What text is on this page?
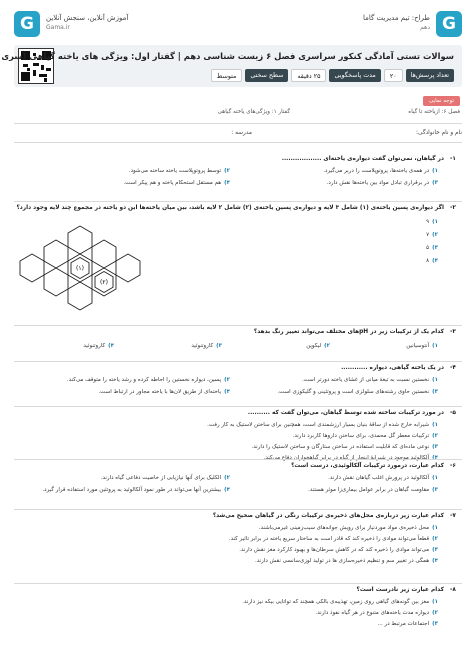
G
طراح: تیم مدیریت گاما
دهم
G	آموزش آنلاین، سنجش آنلاین
Gama.ir
سوالات تستی آمادگی کنکور سراسری فصل ۶ زیست شناسی دهم | گفتار اول: ویژگی های یاخته گیاهی (سری
تعداد پرسش‌ها
۲۰
مدت پاسخگویی
۲۵ دقیقه
سطح سختی
متوسط
توجه نمایی
فصل ۶: ازیاخته تا گیاه
گفتار ۱: ویژگی‌های یاخته گیاهی
نام و نام خانوادگی:
مدرسه :
۱-
در گیاهان، نمی‌توان گفت دیواره‌ی یاخته‌ای ..................
۱)در همه‌ی یاخته‌ها، پروتوپلاست را دربر می‌گیرد.
۲)توسط پروتوپلاست یاخته ساخته می‌شود.
۳)در برقراری تبادل مواد بین یاخته‌ها نقش دارد.
۴)هم مستقل استحکام یاخته و هم پیکر است.
۲-
اگر دیواره‌ی پسین یاخته‌ی (۱) شامل ۳ لایه و دیواره‌ی پسین یاخته‌ی (۲) شامل ۲ لایه باشد، بین میان یاخته‌ها این دو یاخته در مجموع چند لایه وجود دارد؟
۱)۹
۲)۷
۳)۵
۴)۸
۳-
کدام یک از ترکیبات زیر در pHهای مختلف می‌تواند تغییر رنگ بدهد؟
۱)آنتوسیانین
۲)لیکوپن
۳)کاروتنوئید
۴)کاروتنوئید
۴-
در یک یاخته گیاهی، دیواره‌ ............
۱)نخستین نسبت به تیغهٔ میانی از غشای یاخته دورتر است.
۲)پسین، دیواره نخستین را احاطه کرده و رشد یاخته را متوقف می‌کند.
۳)نخستین حاوی رشته‌های سلولزی است و پروتئینی و گلیکوزی است.
۴)یاخته‌ای از طریق لان‌ها با یاخته مجاور در ارتباط است.
۵-
در مورد ترکیبات ساخته شده توسط گیاهان، می‌توان گفت که ..........
۱)شیرابه خارج شده از ساقهٔ بنیان بسیار ارزشمندی است، همچنین برای ساختن لاستیک به کار رفت.
۲)ترکیبات معطر گل محمدی، برای ساختن داروها کاربرد دارند.
۳)نوعی ماده‌ای که قابلیت استفاده در ساختن ستارگان و ساختن لاستیک را دارند.
۴)آلکالوئید موجود در شیرابهٔ اینجار از گیاه در برابر گیاهخواران دفاع می‌کند.
۶-
کدام عبارت، درمورد ترکیبات آلکالوئیدی، درست است؟
۱)آلکالوئید در پرورش اغلب گیاهان نقش دارند.
۲)الکلیک برای آنها نیازیابی از خاصیت دفاعی گیاه دارند.
۳)مقاومت گیاهان در برابر عوامل بیماری‌زا موثر هستند.
۴)بیشترین آنها می‌تواند در طور نمود آلکالوئید به پروتئین مورد استفاده قرار گیرد.
۷-
کدام عبارت زیر درباره‌ی محل‌های ذخیره‌ی ترکیبات رنگی در گیاهان صحیح می‌شد؟
۱)محل ذخیره‌ی مواد موردنیاز برای رویش جوانه‌های سیب‌زمینی غیرمی‌باشند.
۲)قطعاً می‌تواند موادی را ذخیره کند که قادر است به ساختار سریع یاخته در برابر تاثیر کند.
۳)می‌تواند موادی را ذخیره کند که در کاهش سرطان‌ها و بهبود کارکرد مغز نقش دارند.
۴)همگی در تغییر سم و تنظیم ذخیره‌سازی ها در تولید لوزی‌سانسی نقش دارند.
۸-
کدام عبارت زیر نادرست است؟
۱)مغز بین گونه‌های گیاهی روی زمین، تهذیبه‌ی بالکی همچند که تواتایی بیکه نیز دارند.
۲)دیواره مدت یاخته‌های متنوع در هر گیاه نفوذ دارند.
۳)اجتماعات مرتبط در ...
(۱)
(۲)
